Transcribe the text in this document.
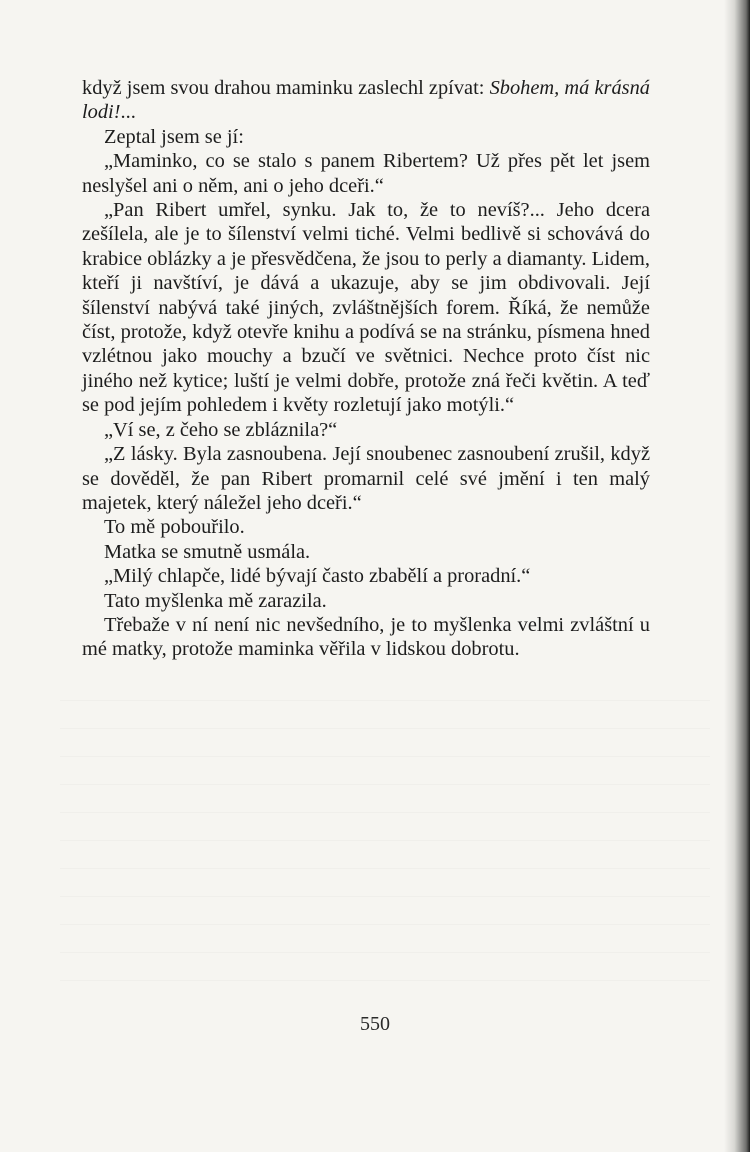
když jsem svou drahou maminku zaslechl zpívat: Sbohem, má krásná lodi!...

Zeptal jsem se jí:

„Maminko, co se stalo s panem Ribertem? Už přes pět let jsem neslyšel ani o něm, ani o jeho dceři.“

„Pan Ribert umřel, synku. Jak to, že to nevíš?... Jeho dcera zešílela, ale je to šílenství velmi tiché. Velmi bedlivě si schovává do krabice oblázky a je přesvědčena, že jsou to perly a diamanty. Lidem, kteří ji navštíví, je dává a ukazuje, aby se jim obdivovali. Její šílenství nabývá také jiných, zvláštnějších forem. Říká, že nemůže číst, protože, když otevře knihu a podívá se na stránku, písmena hned vzlétnou jako mouchy a bzučí ve světnici. Nechce proto číst nic jiného než kytice; luští je velmi dobře, protože zná řeči květin. A teď se pod jejím pohledem i květy rozletují jako motýli.“

„Ví se, z čeho se zbláznila?“

„Z lásky. Byla zasnoubena. Její snoubenec zasnoubení zrušil, když se dověděl, že pan Ribert promarnil celé své jmění i ten malý majetek, který náležel jeho dceři.“

To mě pobouřilo.

Matka se smutně usmála.

„Milý chlapče, lidé bývají často zbabělí a proradní.“

Tato myšlenka mě zarazila.

Třebaže v ní není nic nevšedního, je to myšlenka velmi zvláštní u mé matky, protože maminka věřila v lidskou dobrotu.

550
